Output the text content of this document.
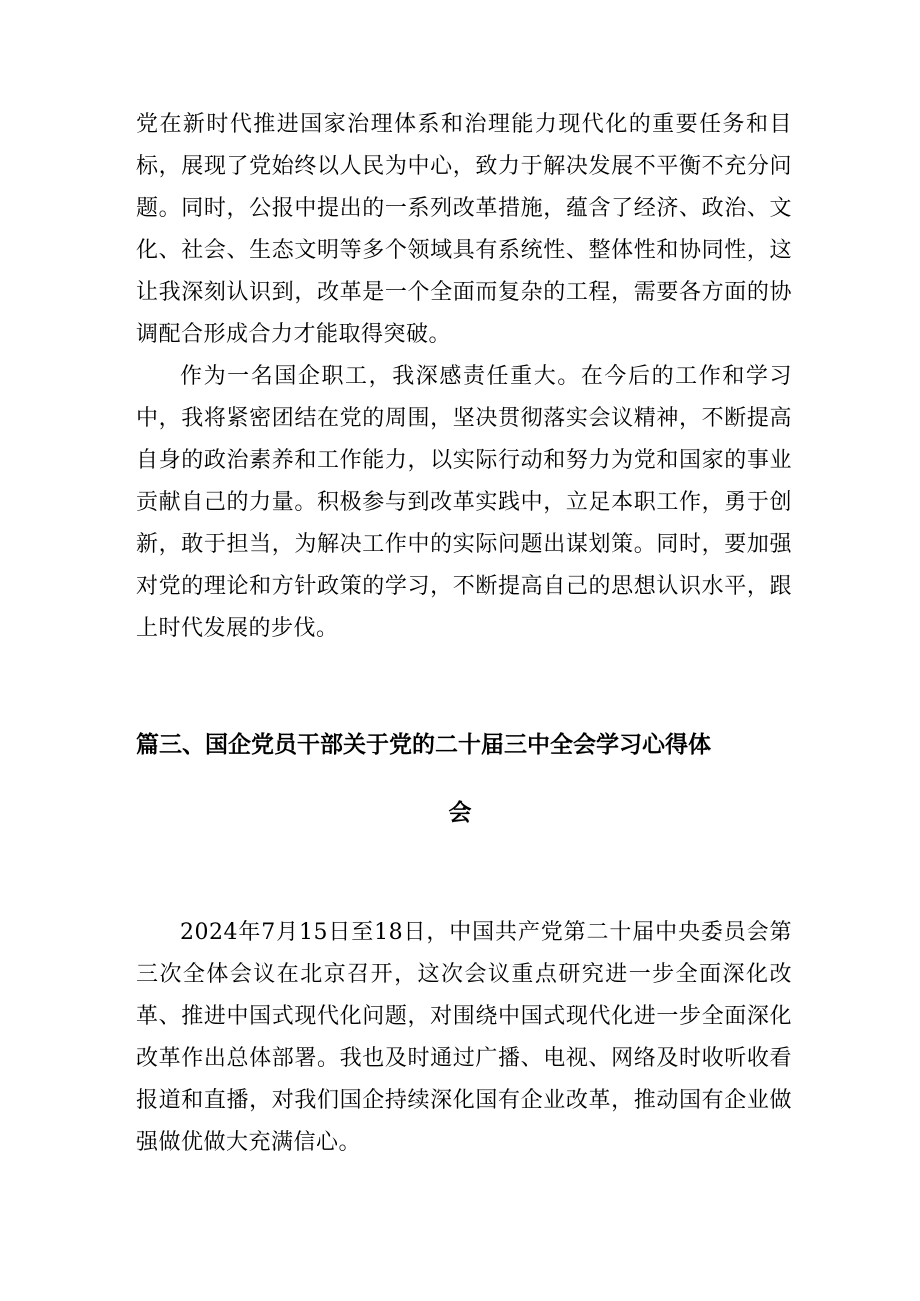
党在新时代推进国家治理体系和治理能力现代化的重要任务和目标，展现了党始终以人民为中心，致力于解决发展不平衡不充分问题。同时，公报中提出的一系列改革措施，蕴含了经济、政治、文化、社会、生态文明等多个领域具有系统性、整体性和协同性，这让我深刻认识到，改革是一个全面而复杂的工程，需要各方面的协调配合形成合力才能取得突破。

作为一名国企职工，我深感责任重大。在今后的工作和学习中，我将紧密团结在党的周围，坚决贯彻落实会议精神，不断提高自身的政治素养和工作能力，以实际行动和努力为党和国家的事业贡献自己的力量。积极参与到改革实践中，立足本职工作，勇于创新，敢于担当，为解决工作中的实际问题出谋划策。同时，要加强对党的理论和方针政策的学习，不断提高自己的思想认识水平，跟上时代发展的步伐。

篇三、国企党员干部关于党的二十届三中全会学习心得体
会

2024年7月15日至18日，中国共产党第二十届中央委员会第三次全体会议在北京召开，这次会议重点研究进一步全面深化改革、推进中国式现代化问题，对围绕中国式现代化进一步全面深化改革作出总体部署。我也及时通过广播、电视、网络及时收听收看报道和直播，对我们国企持续深化国有企业改革，推动国有企业做强做优做大充满信心。
